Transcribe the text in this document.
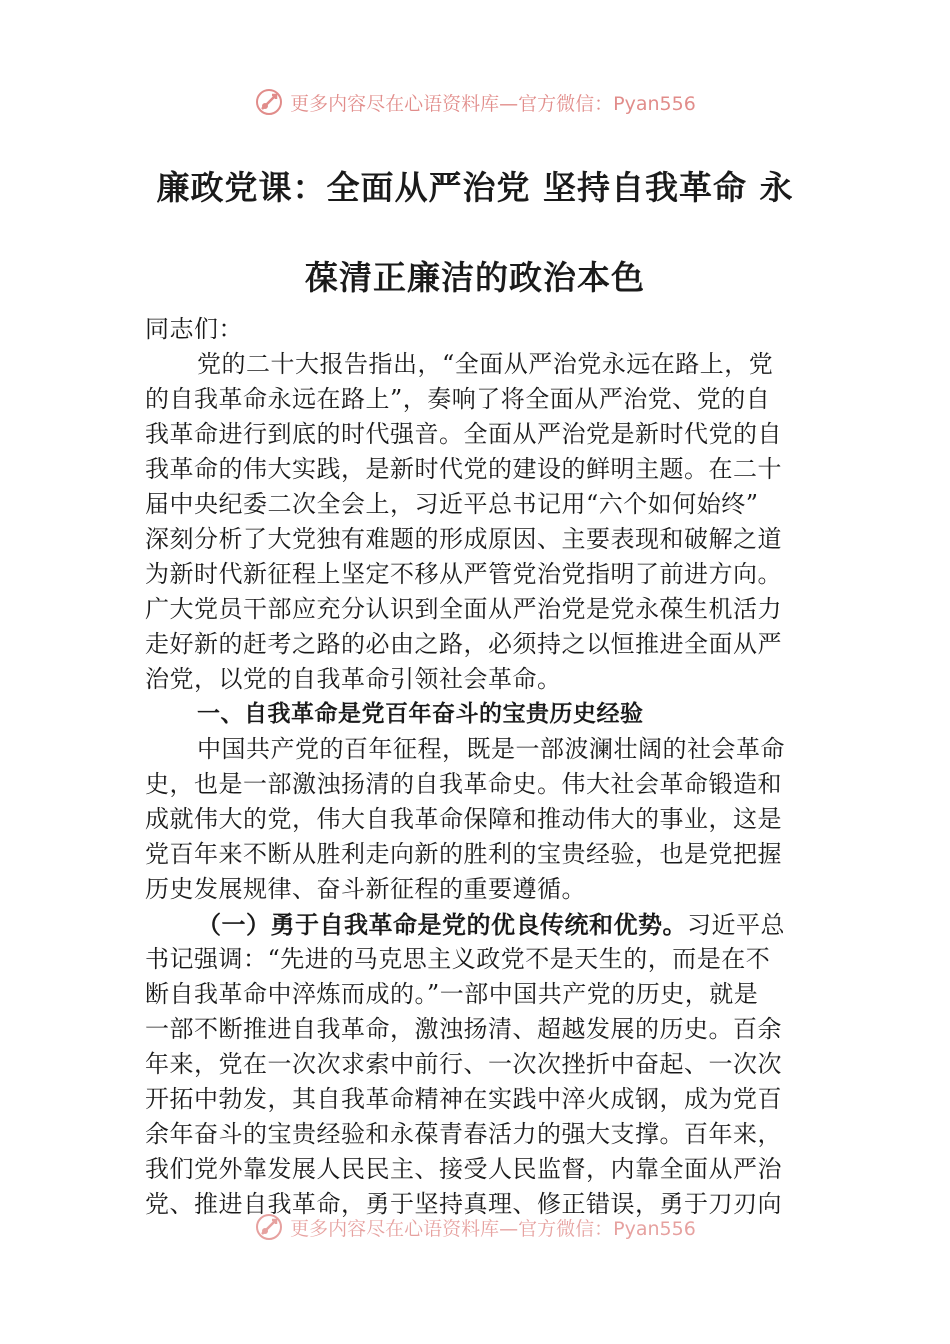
更多内容尽在心语资料库—官方微信：Pyan556
廉政党课：全面从严治党 坚持自我革命 永
葆清正廉洁的政治本色
同志们：
党的二十大报告指出，“全面从严治党永远在路上，党
的自我革命永远在路上”，奏响了将全面从严治党、党的自
我革命进行到底的时代强音。全面从严治党是新时代党的自
我革命的伟大实践，是新时代党的建设的鲜明主题。在二十
届中央纪委二次全会上，习近平总书记用“六个如何始终”
深刻分析了大党独有难题的形成原因、主要表现和破解之道
为新时代新征程上坚定不移从严管党治党指明了前进方向。
广大党员干部应充分认识到全面从严治党是党永葆生机活力
走好新的赶考之路的必由之路，必须持之以恒推进全面从严
治党，以党的自我革命引领社会革命。
一、自我革命是党百年奋斗的宝贵历史经验
中国共产党的百年征程，既是一部波澜壮阔的社会革命
史，也是一部激浊扬清的自我革命史。伟大社会革命锻造和
成就伟大的党，伟大自我革命保障和推动伟大的事业，这是
党百年来不断从胜利走向新的胜利的宝贵经验，也是党把握
历史发展规律、奋斗新征程的重要遵循。
（一）勇于自我革命是党的优良传统和优势。习近平总
书记强调：“先进的马克思主义政党不是天生的，而是在不
断自我革命中淬炼而成的。”一部中国共产党的历史，就是
一部不断推进自我革命，激浊扬清、超越发展的历史。百余
年来，党在一次次求索中前行、一次次挫折中奋起、一次次
开拓中勃发，其自我革命精神在实践中淬火成钢，成为党百
余年奋斗的宝贵经验和永葆青春活力的强大支撑。百年来，
我们党外靠发展人民民主、接受人民监督，内靠全面从严治
党、推进自我革命，勇于坚持真理、修正错误，勇于刀刃向
更多内容尽在心语资料库—官方微信：Pyan556
